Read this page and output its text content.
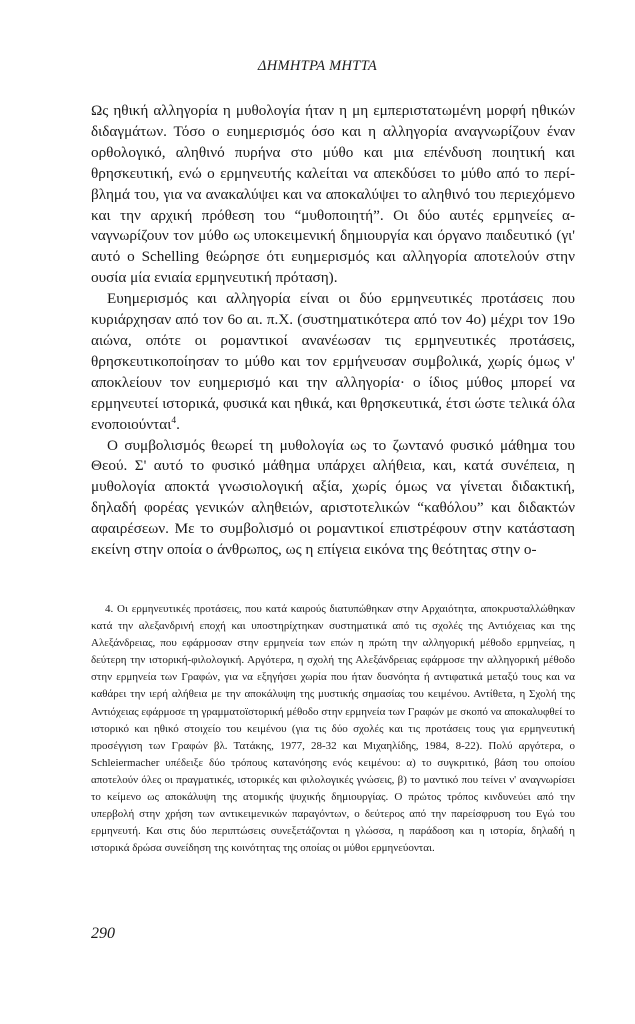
ΔΗΜΗΤΡΑ ΜΗΤΤΑ

Ως ηθική αλληγορία η μυθολογία ήταν η μη εμπεριστατωμένη μορφή ηθικών διδαγμάτων. Τόσο ο ευημερισμός όσο και η αλληγορία αναγνωρίζουν έναν ορθολογικό, αληθινό πυρήνα στο μύθο και μια επένδυση ποιητική και θρησκευτική, ενώ ο ερμηνευτής καλείται να απεκδύσει το μύθο από το περίβλημά του, για να ανακαλύψει και να αποκαλύψει το αληθινό του περιεχόμενο και την αρχική πρόθεση του “μυθοποιητή”. Οι δύο αυτές ερμηνείες αναγνωρίζουν τον μύθο ως υποκειμενική δημιουργία και όργανο παιδευτικό (γι' αυτό ο Schelling θεώρησε ότι ευημερισμός και αλληγορία αποτελούν στην ουσία μία ενιαία ερμηνευτική πρόταση).

Ευημερισμός και αλληγορία είναι οι δύο ερμηνευτικές προτάσεις που κυριάρχησαν από τον 6ο αι. π.Χ. (συστηματικότερα από τον 4ο) μέχρι τον 19ο αιώνα, οπότε οι ρομαντικοί ανανέωσαν τις ερμηνευτικές προτάσεις, θρησκευτικοποίησαν το μύθο και τον ερμήνευσαν συμβολικά, χωρίς όμως ν' αποκλείουν τον ευημερισμό και την αλληγορία· ο ίδιος μύθος μπορεί να ερμηνευτεί ιστορικά, φυσικά και ηθικά, και θρησκευτικά, έτσι ώστε τελικά όλα ενοποιούνται$^4$.

Ο συμβολισμός θεωρεί τη μυθολογία ως το ζωντανό φυσικό μάθημα του Θεού. Σ' αυτό το φυσικό μάθημα υπάρχει αλήθεια, και, κατά συνέπεια, η μυθολογία αποκτά γνωσιολογική αξία, χωρίς όμως να γίνεται διδακτική, δηλαδή φορέας γενικών αληθειών, αριστοτελικών “καθόλου” και διδακτών αφαιρέσεων. Με το συμβολισμό οι ρομαντικοί επιστρέφουν στην κατάσταση εκείνη στην οποία ο άνθρωπος, ως η επίγεια εικόνα της θεότητας στην ο-

4. Οι ερμηνευτικές προτάσεις, που κατά καιρούς διατυπώθηκαν στην Αρχαιότητα, αποκρυσταλλώθηκαν κατά την αλεξανδρινή εποχή και υποστηρίχτηκαν συστηματικά από τις σχολές της Αντιόχειας και της Αλεξάνδρειας, που εφάρμοσαν στην ερμηνεία των επών η πρώτη την αλληγορική μέθοδο ερμηνείας, η δεύτερη την ιστορική-φιλολογική. Αργότερα, η σχολή της Αλεξάνδρειας εφάρμοσε την αλληγορική μέθοδο στην ερμηνεία των Γραφών, για να εξηγήσει χωρία που ήταν δυσνόητα ή αντιφατικά μεταξύ τους και να καθάρει την ιερή αλήθεια με την αποκάλυψη της μυστικής σημασίας του κειμένου. Αντίθετα, η Σχολή της Αντιόχειας εφάρμοσε τη γραμματοϊστορική μέθοδο στην ερμηνεία των Γραφών με σκοπό να αποκαλυφθεί το ιστορικό και ηθικό στοιχείο του κειμένου (για τις δύο σχολές και τις προτάσεις τους για ερμηνευτική προσέγγιση των Γραφών βλ. Τατάκης, 1977, 28-32 και Μιχαηλίδης, 1984, 8-22). Πολύ αργότερα, ο Schleiermacher υπέδειξε δύο τρόπους κατανόησης ενός κειμένου: α) το συγκριτικό, βάση του οποίου αποτελούν όλες οι πραγματικές, ιστορικές και φιλολογικές γνώσεις, β) το μαντικό που τείνει ν' αναγνωρίσει το κείμενο ως αποκάλυψη της ατομικής ψυχικής δημιουργίας. Ο πρώτος τρόπος κινδυνεύει από την υπερβολή στην χρήση των αντικειμενικών παραγόντων, ο δεύτερος από την παρείσφρυση του Εγώ του ερμηνευτή. Και στις δύο περιπτώσεις συνεξετάζονται η γλώσσα, η παράδοση και η ιστορία, δηλαδή η ιστορικά δρώσα συνείδηση της κοινότητας της οποίας οι μύθοι ερμηνεύονται.

290
